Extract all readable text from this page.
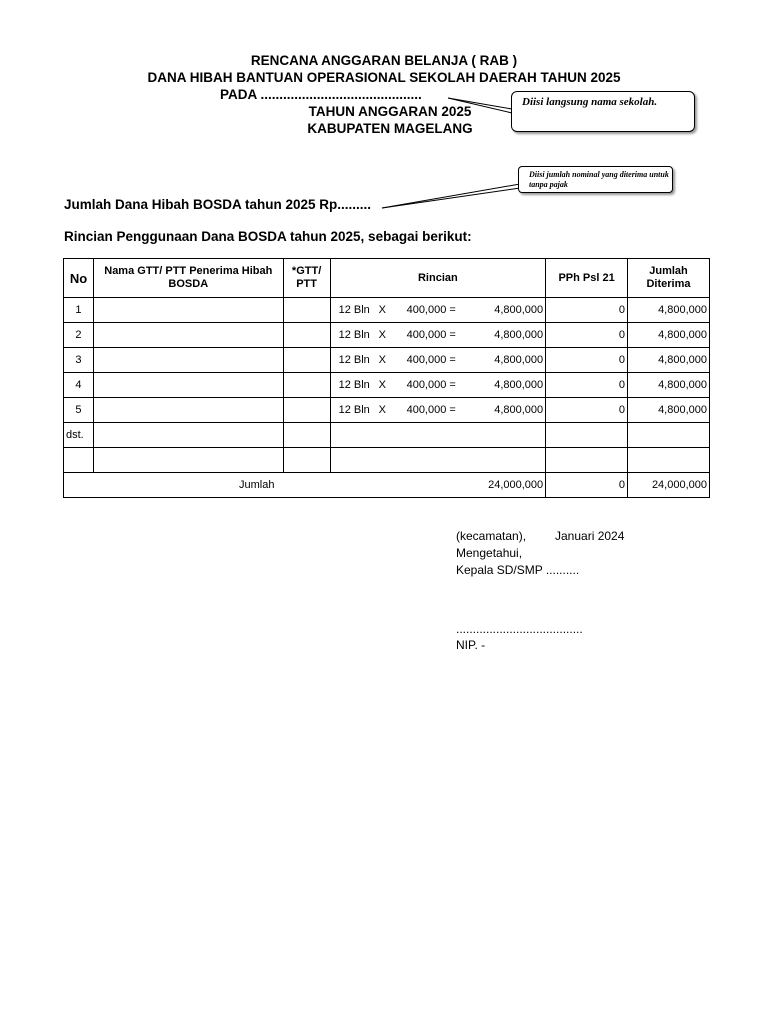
RENCANA ANGGARAN BELANJA ( RAB )
DANA HIBAH BANTUAN OPERASIONAL SEKOLAH DAERAH TAHUN 2025
PADA ...........................................
TAHUN ANGGARAN 2025
KABUPATEN MAGELANG
Diisi langsung nama sekolah.
Diisi jumlah nominal yang diterima untuk tanpa pajak
Jumlah Dana Hibah BOSDA tahun 2025 Rp.........
Rincian Penggunaan Dana BOSDA tahun 2025, sebagai berikut:
No	Nama GTT/ PTT Penerima Hibah BOSDA	*GTT/ PTT	Rincian	PPh Psl 21	Jumlah Diterima
1			12 Bln X 400,000 = 4,800,000	0	4,800,000
2			12 Bln X 400,000 = 4,800,000	0	4,800,000
3			12 Bln X 400,000 = 4,800,000	0	4,800,000
4			12 Bln X 400,000 = 4,800,000	0	4,800,000
5			12 Bln X 400,000 = 4,800,000	0	4,800,000
dst.					

Jumlah 24,000,000				0	24,000,000
(kecamatan), Januari 2024
Mengetahui,
Kepala SD/SMP ..........
......................................
NIP. -
